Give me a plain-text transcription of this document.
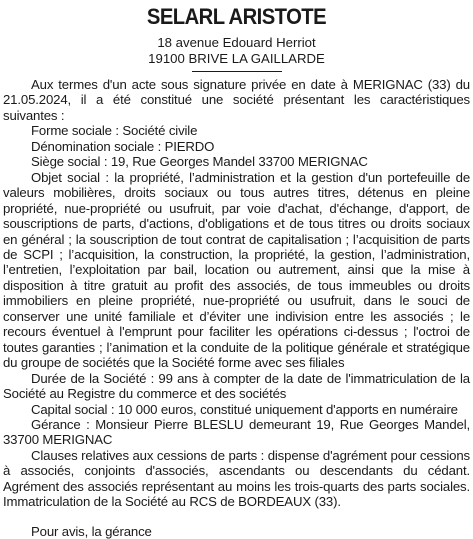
SELARL ARISTOTE
18 avenue Edouard Herriot
19100 BRIVE LA GAILLARDE

Aux termes d'un acte sous signature privée en date à MERIGNAC (33) du 21.05.2024, il a été constitué une société présentant les caractéristiques suivantes :

Forme sociale : Société civile

Dénomination sociale : PIERDO

Siège social : 19, Rue Georges Mandel 33700 MERIGNAC

Objet social : la propriété, l’administration et la gestion d'un portefeuille de valeurs mobilières, droits sociaux ou tous autres titres, détenus en pleine propriété, nue-propriété ou usufruit, par voie d'achat, d'échange, d'apport, de souscriptions de parts, d'actions, d'obligations et de tous titres ou droits sociaux en général ; la souscription de tout contrat de capitalisation ; l’acquisition de parts de SCPI ; l’acquisition, la construction, la propriété, la gestion, l’administration, l’entretien, l’exploitation par bail, location ou autrement, ainsi que la mise à disposition à titre gratuit au profit des associés, de tous immeubles ou droits immobiliers en pleine propriété, nue-propriété ou usufruit, dans le souci de conserver une unité familiale et d’éviter une indivision entre les associés ; le recours éventuel à l'emprunt pour faciliter les opérations ci-dessus ; l'octroi de toutes garanties ; l’animation et la conduite de la politique générale et stratégique du groupe de sociétés que la Société forme avec ses filiales

Durée de la Société : 99 ans à compter de la date de l'immatriculation de la Société au Registre du commerce et des sociétés

Capital social : 10 000 euros, constitué uniquement d'apports en numéraire

Gérance : Monsieur Pierre BLESLU demeurant 19, Rue Georges Mandel, 33700 MERIGNAC

Clauses relatives aux cessions de parts : dispense d'agrément pour cessions à associés, conjoints d'associés, ascendants ou descendants du cédant. Agrément des associés représentant au moins les trois-quarts des parts sociales. Immatriculation de la Société au RCS de BORDEAUX (33).

Pour avis, la gérance
